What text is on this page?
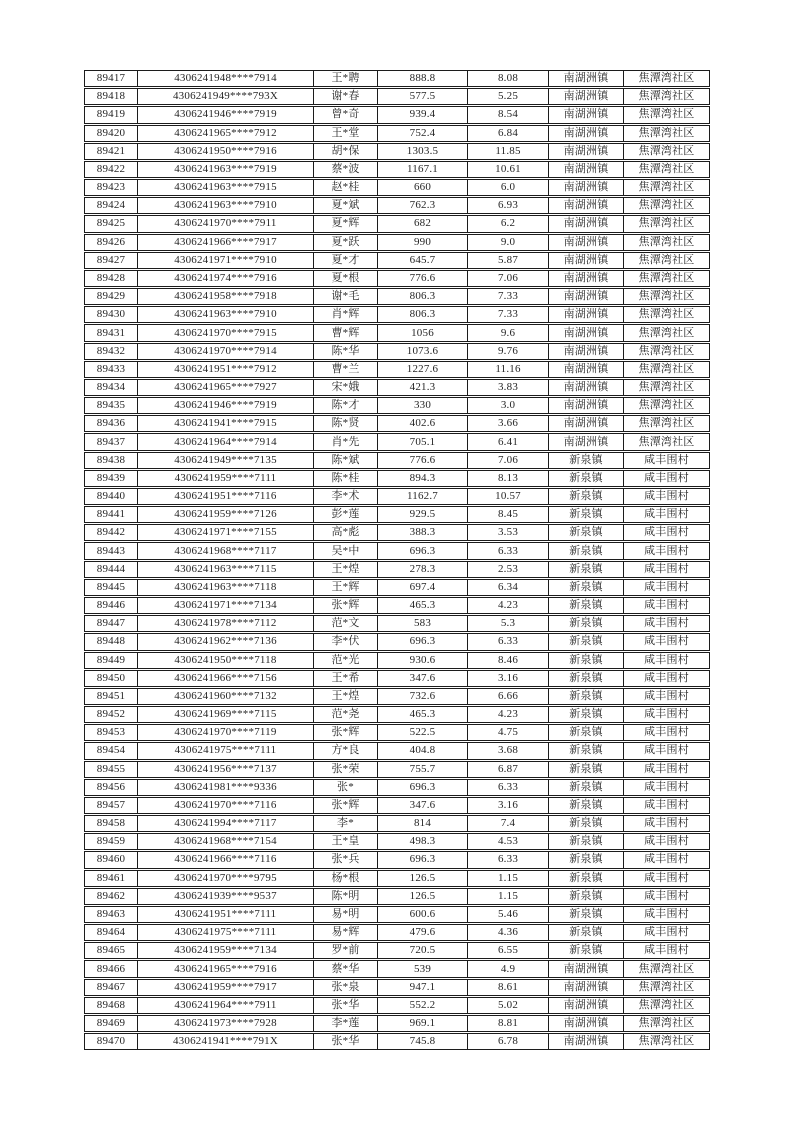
89417	4306241948****7914	王*聘	888.8	8.08	南湖洲镇	焦潭湾社区
89418	4306241949****793X	谢*春	577.5	5.25	南湖洲镇	焦潭湾社区
89419	4306241946****7919	曾*奇	939.4	8.54	南湖洲镇	焦潭湾社区
89420	4306241965****7912	王*堂	752.4	6.84	南湖洲镇	焦潭湾社区
89421	4306241950****7916	胡*保	1303.5	11.85	南湖洲镇	焦潭湾社区
89422	4306241963****7919	蔡*波	1167.1	10.61	南湖洲镇	焦潭湾社区
89423	4306241963****7915	赵*桂	660	6.0	南湖洲镇	焦潭湾社区
89424	4306241963****7910	夏*斌	762.3	6.93	南湖洲镇	焦潭湾社区
89425	4306241970****7911	夏*辉	682	6.2	南湖洲镇	焦潭湾社区
89426	4306241966****7917	夏*跃	990	9.0	南湖洲镇	焦潭湾社区
89427	4306241971****7910	夏*才	645.7	5.87	南湖洲镇	焦潭湾社区
89428	4306241974****7916	夏*根	776.6	7.06	南湖洲镇	焦潭湾社区
89429	4306241958****7918	谢*毛	806.3	7.33	南湖洲镇	焦潭湾社区
89430	4306241963****7910	肖*辉	806.3	7.33	南湖洲镇	焦潭湾社区
89431	4306241970****7915	曹*辉	1056	9.6	南湖洲镇	焦潭湾社区
89432	4306241970****7914	陈*华	1073.6	9.76	南湖洲镇	焦潭湾社区
89433	4306241951****7912	曹*兰	1227.6	11.16	南湖洲镇	焦潭湾社区
89434	4306241965****7927	宋*娥	421.3	3.83	南湖洲镇	焦潭湾社区
89435	4306241946****7919	陈*才	330	3.0	南湖洲镇	焦潭湾社区
89436	4306241941****7915	陈*贤	402.6	3.66	南湖洲镇	焦潭湾社区
89437	4306241964****7914	肖*先	705.1	6.41	南湖洲镇	焦潭湾社区
89438	4306241949****7135	陈*斌	776.6	7.06	新泉镇	咸丰围村
89439	4306241959****7111	陈*桂	894.3	8.13	新泉镇	咸丰围村
89440	4306241951****7116	李*术	1162.7	10.57	新泉镇	咸丰围村
89441	4306241959****7126	彭*莲	929.5	8.45	新泉镇	咸丰围村
89442	4306241971****7155	高*彪	388.3	3.53	新泉镇	咸丰围村
89443	4306241968****7117	吴*中	696.3	6.33	新泉镇	咸丰围村
89444	4306241963****7115	王*煌	278.3	2.53	新泉镇	咸丰围村
89445	4306241963****7118	王*辉	697.4	6.34	新泉镇	咸丰围村
89446	4306241971****7134	张*辉	465.3	4.23	新泉镇	咸丰围村
89447	4306241978****7112	范*文	583	5.3	新泉镇	咸丰围村
89448	4306241962****7136	李*伏	696.3	6.33	新泉镇	咸丰围村
89449	4306241950****7118	范*光	930.6	8.46	新泉镇	咸丰围村
89450	4306241966****7156	王*希	347.6	3.16	新泉镇	咸丰围村
89451	4306241960****7132	王*煌	732.6	6.66	新泉镇	咸丰围村
89452	4306241969****7115	范*尧	465.3	4.23	新泉镇	咸丰围村
89453	4306241970****7119	张*辉	522.5	4.75	新泉镇	咸丰围村
89454	4306241975****7111	方*良	404.8	3.68	新泉镇	咸丰围村
89455	4306241956****7137	张*荣	755.7	6.87	新泉镇	咸丰围村
89456	4306241981****9336	张*	696.3	6.33	新泉镇	咸丰围村
89457	4306241970****7116	张*辉	347.6	3.16	新泉镇	咸丰围村
89458	4306241994****7117	李*	814	7.4	新泉镇	咸丰围村
89459	4306241968****7154	王*皇	498.3	4.53	新泉镇	咸丰围村
89460	4306241966****7116	张*兵	696.3	6.33	新泉镇	咸丰围村
89461	4306241970****9795	杨*根	126.5	1.15	新泉镇	咸丰围村
89462	4306241939****9537	陈*明	126.5	1.15	新泉镇	咸丰围村
89463	4306241951****7111	易*明	600.6	5.46	新泉镇	咸丰围村
89464	4306241975****7111	易*辉	479.6	4.36	新泉镇	咸丰围村
89465	4306241959****7134	罗*前	720.5	6.55	新泉镇	咸丰围村
89466	4306241965****7916	蔡*华	539	4.9	南湖洲镇	焦潭湾社区
89467	4306241959****7917	张*泉	947.1	8.61	南湖洲镇	焦潭湾社区
89468	4306241964****7911	张*华	552.2	5.02	南湖洲镇	焦潭湾社区
89469	4306241973****7928	李*莲	969.1	8.81	南湖洲镇	焦潭湾社区
89470	4306241941****791X	张*华	745.8	6.78	南湖洲镇	焦潭湾社区
